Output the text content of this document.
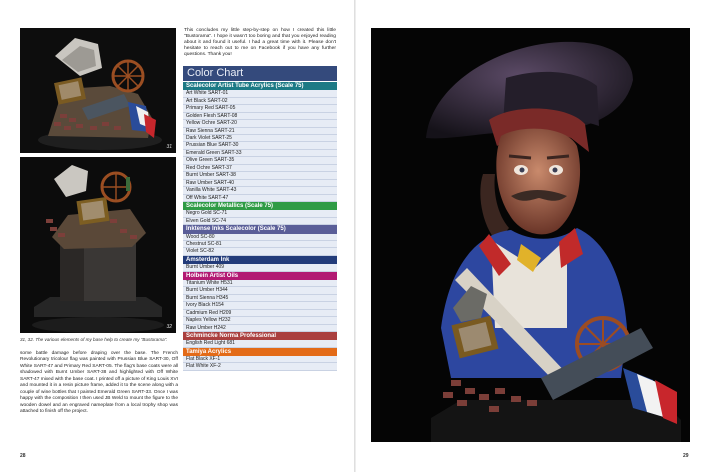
31
32
31, 32. The various elements of my base help to create my "Bustorama".
some battle damage before draping over the base. The French Revolutionary tricolour flag was painted with Prussian Blue SART-30, Off White SART-47 and Primary Red SART-05. The flag's base coats were all shadowed with Burnt Umber SART-38 and highlighted with Off White SART-47 mixed with the base coat. I printed off a picture of King Louis XVI and mounted it in a resin picture frame, added it to the scene along with a couple of wine bottles that I painted Emerald Green SART-33. Once I was happy with the composition I then used JB Weld to mount the figure to the wooden dowel and an engraved nameplate from a local trophy shop was attached to finish off the project.
This concludes my little step-by-step on how I created this little "Bustorama". I hope it wasn't too boring and that you enjoyed reading about it and found it useful. I had a great time with it. Please don't hesitate to reach out to me on Facebook if you have any further questions. Thank you!
Color Chart
Scalecolor Artist Tube Acrylics (Scale 75)
Art White SART-01
Art Black SART-02
Primary Red SART-05
Golden Flesh SART-08
Yellow Ochre SART-20
Raw Sienna SART-21
Dark Violet SART-25
Prussian Blue SART-30
Emerald Green SART-33
Olive Green SART-35
Red Ochre SART-37
Burnt Umber SART-38
Raw Umber SART-40
Vanilla White SART-43
Off White SART-47
Scalecolor Metallics (Scale 75)
Negro Gold SC-71
Elven Gold SC-74
Inktense Inks Scalecolor (Scale 75)
Wood SC-80
Chestnut SC-81
Violet SC-82
Amsterdam Ink
Burnt Umber 409
Holbein Artist Oils
Titanium White H531
Burnt Umber H344
Burnt Sienna H345
Ivory Black H154
Cadmium Red H209
Naples Yellow H232
Raw Umber H242
Schmincke Norma Professional
English Red Light 681
Tamiya Acrylics
Flat Black XF-1
Flat White XF-2
28	29
